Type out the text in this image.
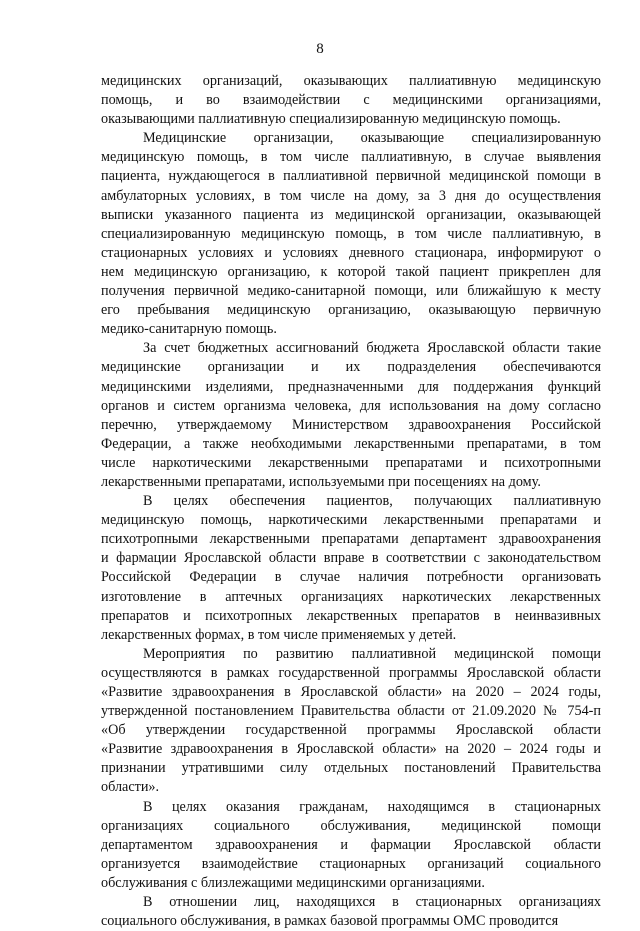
8
медицинских организаций, оказывающих паллиативную медицинскую
помощь, и во взаимодействии с медицинскими организациями,
оказывающими паллиативную специализированную медицинскую помощь.
Медицинские организации, оказывающие специализированную
медицинскую помощь, в том числе паллиативную, в случае выявления
пациента, нуждающегося в паллиативной первичной медицинской помощи в
амбулаторных условиях, в том числе на дому, за 3 дня до осуществления
выписки указанного пациента из медицинской организации, оказывающей
специализированную медицинскую помощь, в том числе паллиативную, в
стационарных условиях и условиях дневного стационара, информируют о
нем медицинскую организацию, к которой такой пациент прикреплен для
получения первичной медико-санитарной помощи, или ближайшую к месту
его пребывания медицинскую организацию, оказывающую первичную
медико-санитарную помощь.
За счет бюджетных ассигнований бюджета Ярославской области такие
медицинские организации и их подразделения обеспечиваются
медицинскими изделиями, предназначенными для поддержания функций
органов и систем организма человека, для использования на дому согласно
перечню, утверждаемому Министерством здравоохранения Российской
Федерации, а также необходимыми лекарственными препаратами, в том
числе наркотическими лекарственными препаратами и психотропными
лекарственными препаратами, используемыми при посещениях на дому.
В целях обеспечения пациентов, получающих паллиативную
медицинскую помощь, наркотическими лекарственными препаратами и
психотропными лекарственными препаратами департамент здравоохранения
и фармации Ярославской области вправе в соответствии с законодательством
Российской Федерации в случае наличия потребности организовать
изготовление в аптечных организациях наркотических лекарственных
препаратов и психотропных лекарственных препаратов в неинвазивных
лекарственных формах, в том числе применяемых у детей.
Мероприятия по развитию паллиативной медицинской помощи
осуществляются в рамках государственной программы Ярославской области
«Развитие здравоохранения в Ярославской области» на 2020 – 2024 годы,
утвержденной постановлением Правительства области от 21.09.2020 № 754-п
«Об утверждении государственной программы Ярославской области
«Развитие здравоохранения в Ярославской области» на 2020 – 2024 годы и
признании утратившими силу отдельных постановлений Правительства
области».
В целях оказания гражданам, находящимся в стационарных
организациях социального обслуживания, медицинской помощи
департаментом здравоохранения и фармации Ярославской области
организуется взаимодействие стационарных организаций социального
обслуживания с близлежащими медицинскими организациями.
В отношении лиц, находящихся в стационарных организациях
социального обслуживания, в рамках базовой программы ОМС проводится
